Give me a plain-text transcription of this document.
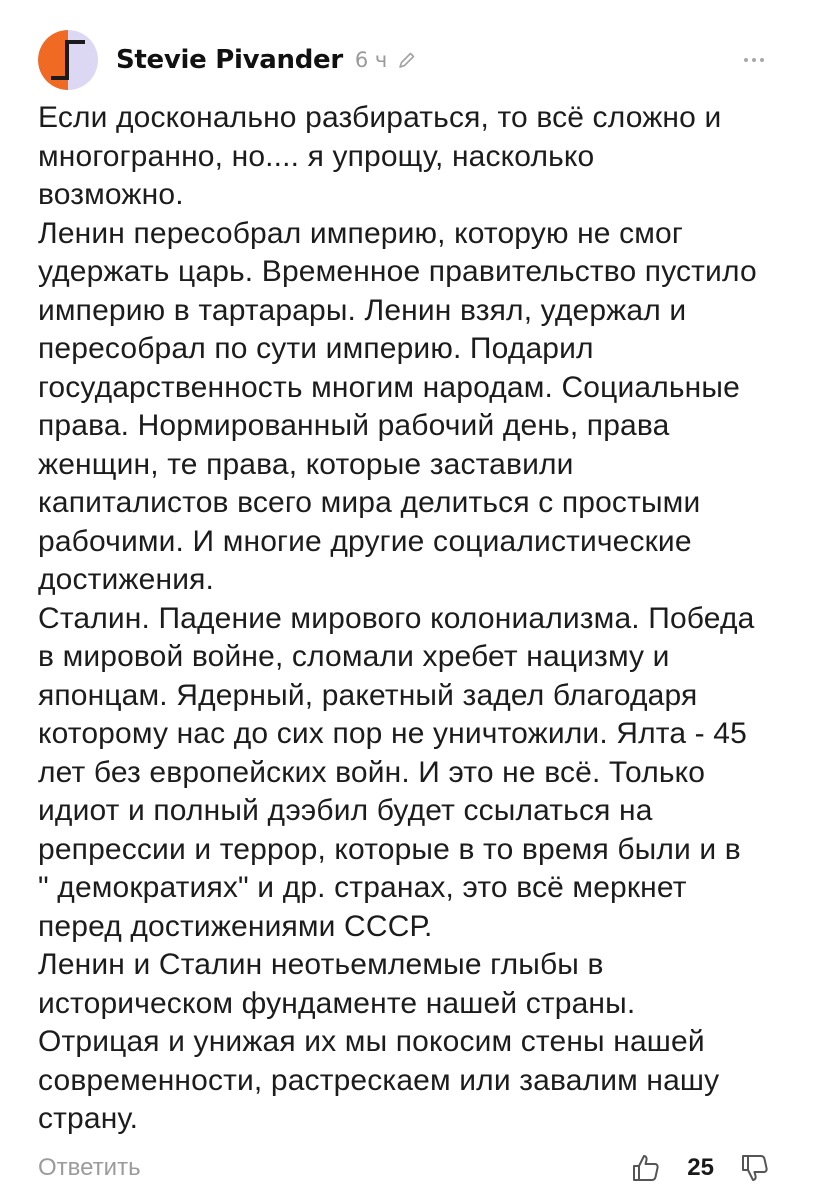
Stevie Pivander 6 ч
Если досконально разбираться, то всё сложно и
многогранно, но.... я упрощу, насколько
возможно.
Ленин пересобрал империю, которую не смог
удержать царь. Временное правительство пустило
империю в тартарары. Ленин взял, удержал и
пересобрал по сути империю. Подарил
государственность многим народам. Социальные
права. Нормированный рабочий день, права
женщин, те права, которые заставили
капиталистов всего мира делиться с простыми
рабочими. И многие другие социалистические
достижения.
Сталин. Падение мирового колониализма. Победа
в мировой войне, сломали хребет нацизму и
японцам. Ядерный, ракетный задел благодаря
которому нас до сих пор не уничтожили. Ялта - 45
лет без европейских войн. И это не всё. Только
идиот и полный дээбил будет ссылаться на
репрессии и террор, которые в то время были и в
" демократиях" и др. странах, это всё меркнет
перед достижениями СССР.
Ленин и Сталин неотьемлемые глыбы в
историческом фундаменте нашей страны.
Отрицая и унижая их мы покосим стены нашей
современности, растрескаем или завалим нашу
страну.
Ответить	25
